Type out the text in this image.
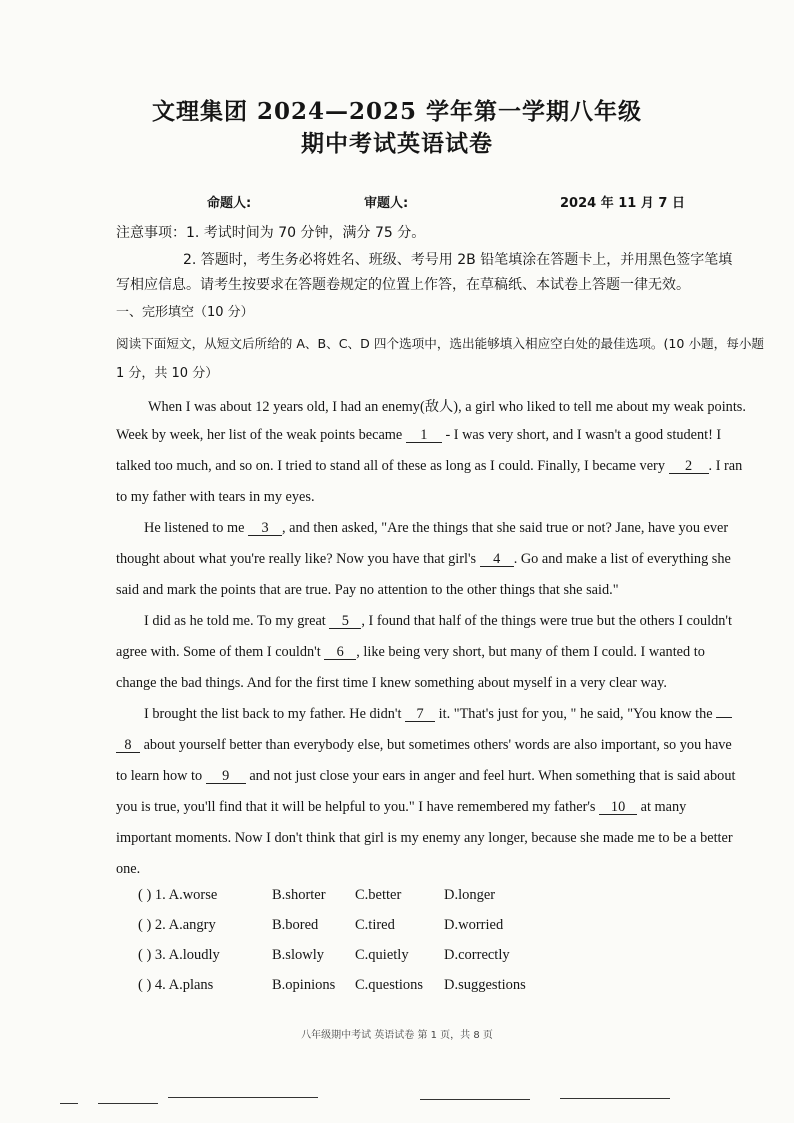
文理集团 2024—2025 学年第一学期八年级
期中考试英语试卷
命题人:	审题人:	2024 年 11 月 7 日
注意事项：1. 考试时间为 70 分钟，满分 75 分。
2. 答题时，考生务必将姓名、班级、考号用 2B 铅笔填涂在答题卡上，并用黑色签字笔填
写相应信息。请考生按要求在答题卷规定的位置上作答，在草稿纸、本试卷上答题一律无效。
一、完形填空（10 分）
阅读下面短文，从短文后所给的 A、B、C、D 四个选项中，选出能够填入相应空白处的最佳选项。(10 小题，每小题
1 分，共 10 分）
When I was about 12 years old, I had an enemy(敌人), a girl who liked to tell me about my weak points.
Week by week, her list of the weak points became 1 - I was very short, and I wasn't a good student! I
talked too much, and so on. I tried to stand all of these as long as I could. Finally, I became very 2 . I ran
to my father with tears in my eyes.
He listened to me 3 , and then asked, "Are the things that she said true or not? Jane, have you ever
thought about what you're really like? Now you have that girl's 4 . Go and make a list of everything she
said and mark the points that are true. Pay no attention to the other things that she said."
I did as he told me. To my great 5 , I found that half of the things were true but the others I couldn't
agree with. Some of them I couldn't 6 , like being very short, but many of them I could. I wanted to
change the bad things. And for the first time I knew something about myself in a very clear way.
I brought the list back to my father. He didn't 7 it. "That's just for you, " he said, "You know the
8 about yourself better than everybody else, but sometimes others' words are also important, so you have
to learn how to 9 and not just close your ears in anger and feel hurt. When something that is said about
you is true, you'll find that it will be helpful to you." I have remembered my father's 10 at many
important moments. Now I don't think that girl is my enemy any longer, because she made me to be a better
one.
( ) 1. A.worse	B.shorter C.better	D.longer
( ) 2. A.angry	B.bored	C.tired	D.worried
( ) 3. A.loudly	B.slowly C.quietly D.correctly
( ) 4. A.plans	B.opinions C.questions D.suggestions
八年级期中考试 英语试卷 第 1 页，共 8 页
